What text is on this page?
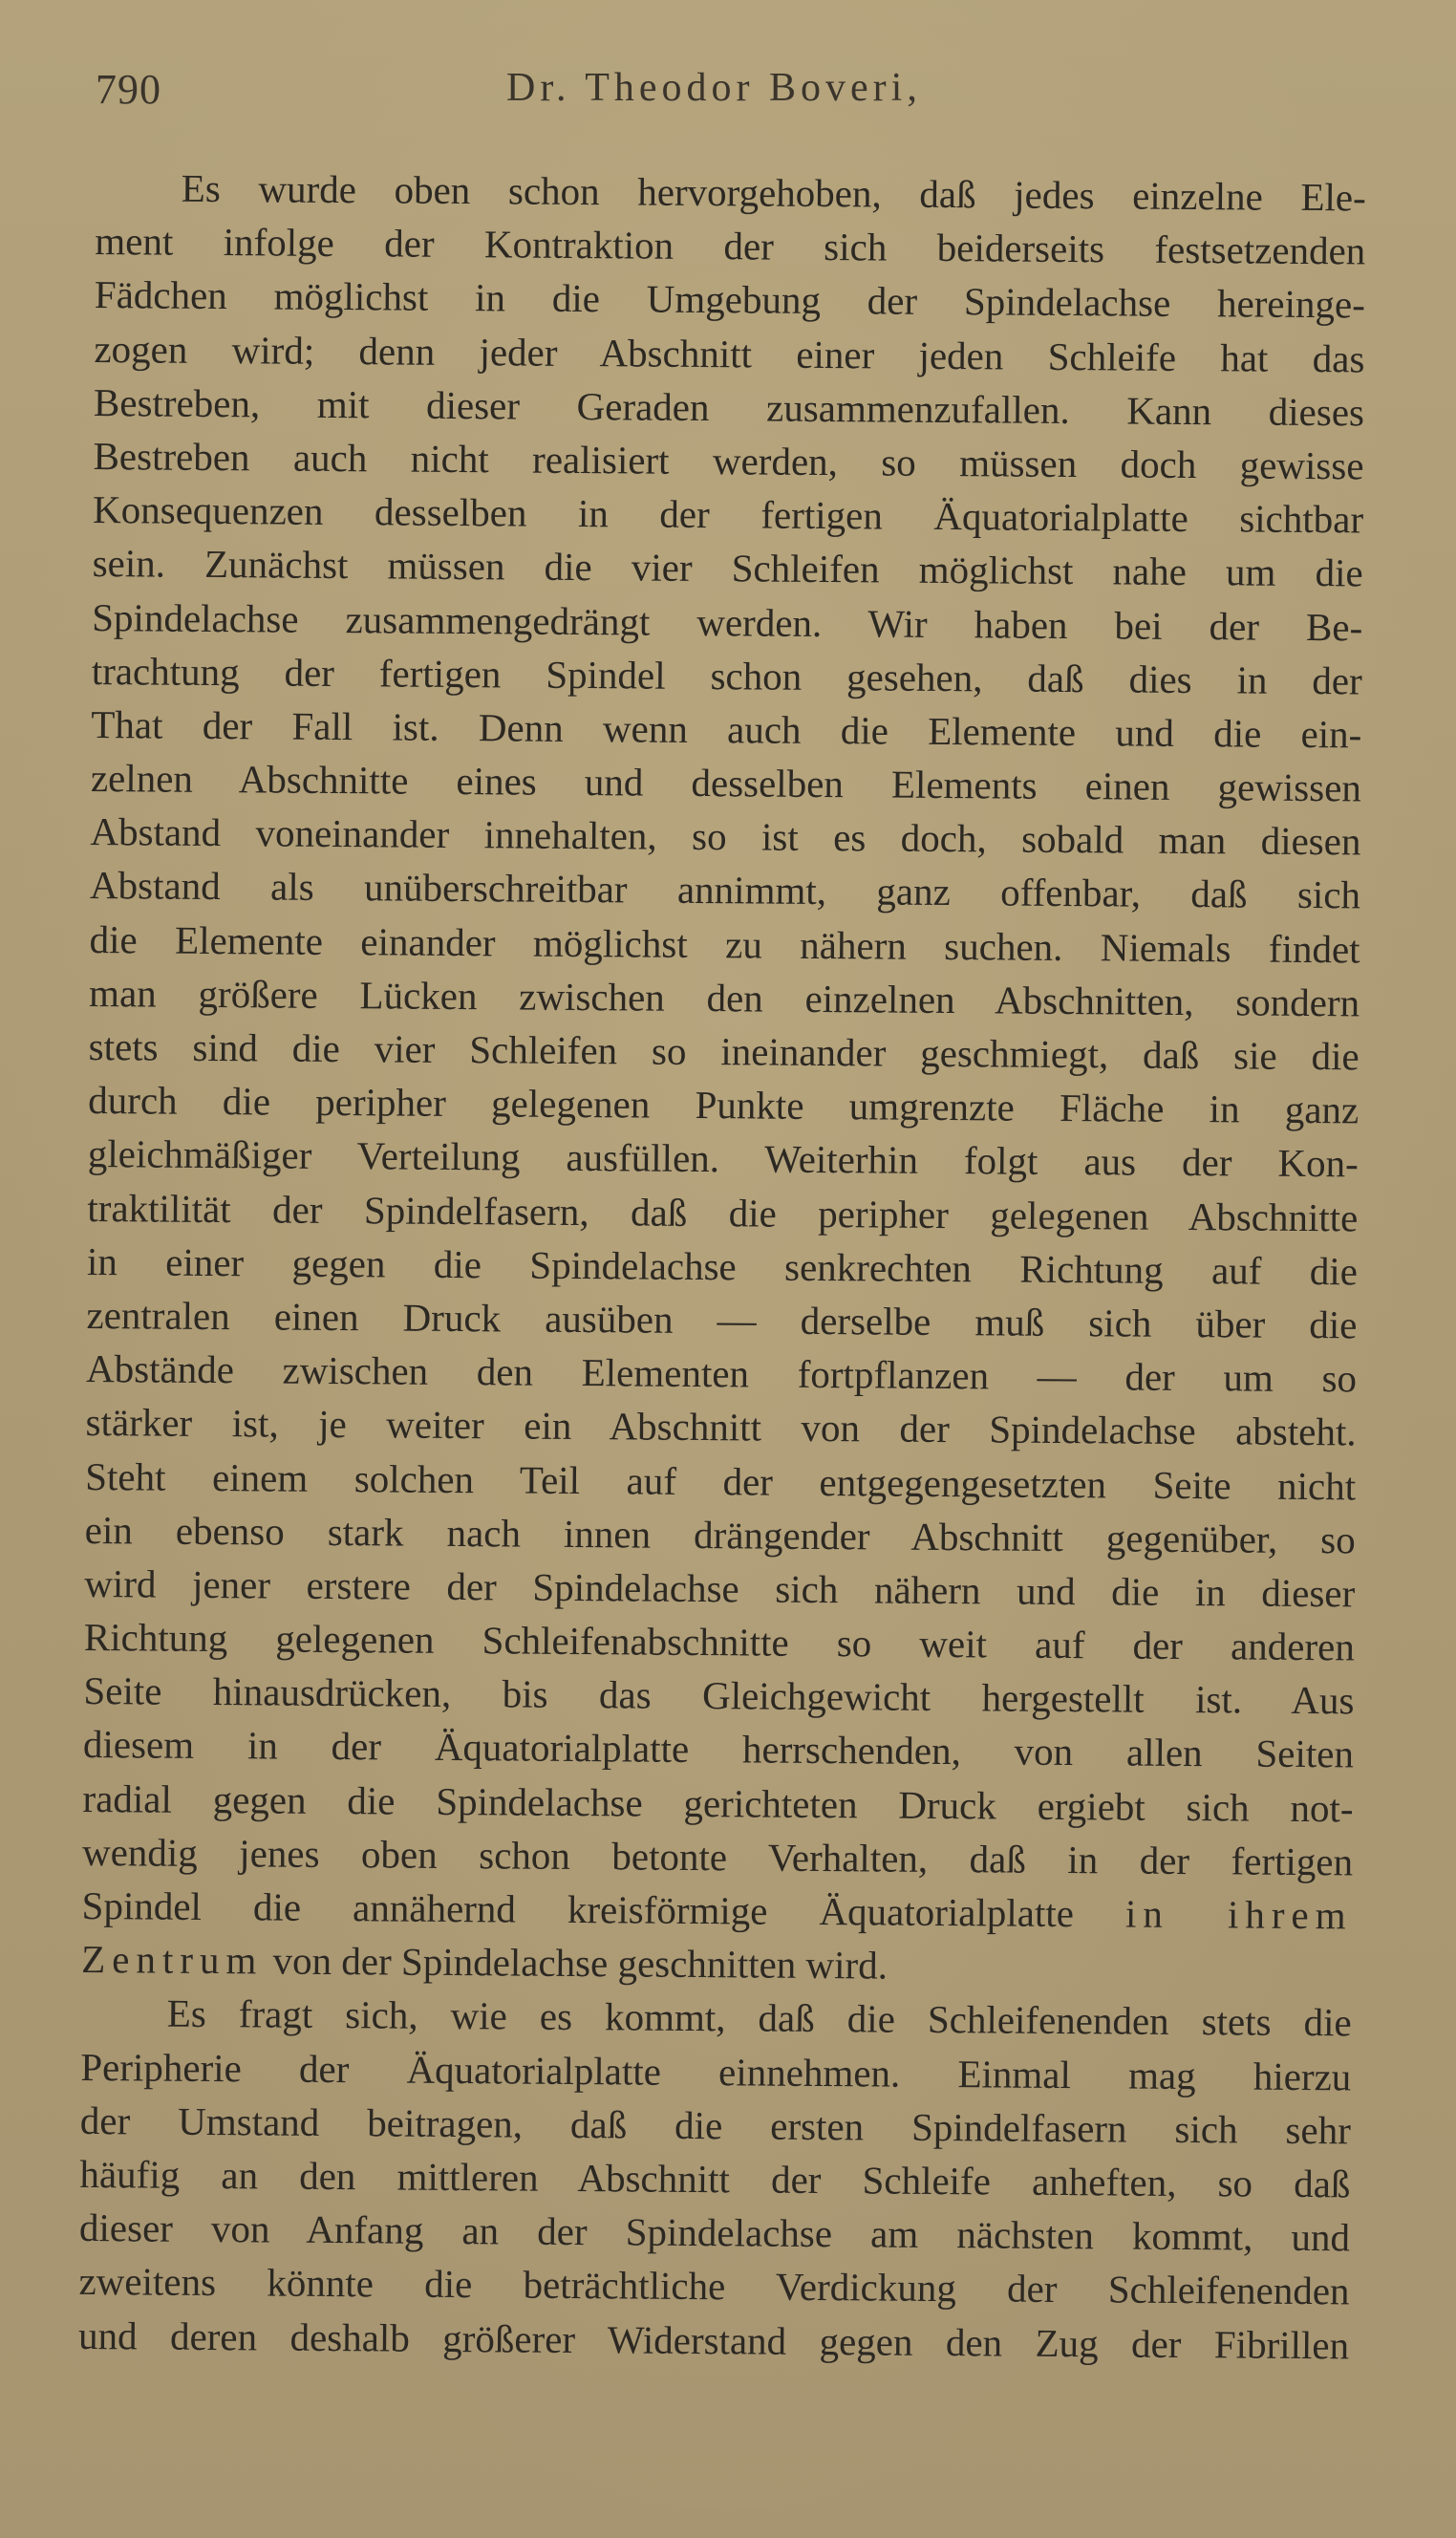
790	Dr. Theodor Boveri,
Es wurde oben schon hervorgehoben, daß jedes einzelne Ele-
ment infolge der Kontraktion der sich beiderseits festsetzenden
Fädchen möglichst in die Umgebung der Spindelachse hereinge-
zogen wird; denn jeder Abschnitt einer jeden Schleife hat das
Bestreben, mit dieser Geraden zusammenzufallen. Kann dieses
Bestreben auch nicht realisiert werden, so müssen doch gewisse
Konsequenzen desselben in der fertigen Äquatorialplatte sichtbar
sein. Zunächst müssen die vier Schleifen möglichst nahe um die
Spindelachse zusammengedrängt werden. Wir haben bei der Be-
trachtung der fertigen Spindel schon gesehen, daß dies in der
That der Fall ist. Denn wenn auch die Elemente und die ein-
zelnen Abschnitte eines und desselben Elements einen gewissen
Abstand voneinander innehalten, so ist es doch, sobald man diesen
Abstand als unüberschreitbar annimmt, ganz offenbar, daß sich
die Elemente einander möglichst zu nähern suchen. Niemals findet
man größere Lücken zwischen den einzelnen Abschnitten, sondern
stets sind die vier Schleifen so ineinander geschmiegt, daß sie die
durch die peripher gelegenen Punkte umgrenzte Fläche in ganz
gleichmäßiger Verteilung ausfüllen. Weiterhin folgt aus der Kon-
traktilität der Spindelfasern, daß die peripher gelegenen Abschnitte
in einer gegen die Spindelachse senkrechten Richtung auf die
zentralen einen Druck ausüben — derselbe muß sich über die
Abstände zwischen den Elementen fortpflanzen — der um so
stärker ist, je weiter ein Abschnitt von der Spindelachse absteht.
Steht einem solchen Teil auf der entgegengesetzten Seite nicht
ein ebenso stark nach innen drängender Abschnitt gegenüber, so
wird jener erstere der Spindelachse sich nähern und die in dieser
Richtung gelegenen Schleifenabschnitte so weit auf der anderen
Seite hinausdrücken, bis das Gleichgewicht hergestellt ist. Aus
diesem in der Äquatorialplatte herrschenden, von allen Seiten
radial gegen die Spindelachse gerichteten Druck ergiebt sich not-
wendig jenes oben schon betonte Verhalten, daß in der fertigen
Spindel die annähernd kreisförmige Äquatorialplatte in ihrem
Zentrum von der Spindelachse geschnitten wird.
Es fragt sich, wie es kommt, daß die Schleifenenden stets die
Peripherie der Äquatorialplatte einnehmen. Einmal mag hierzu
der Umstand beitragen, daß die ersten Spindelfasern sich sehr
häufig an den mittleren Abschnitt der Schleife anheften, so daß
dieser von Anfang an der Spindelachse am nächsten kommt, und
zweitens könnte die beträchtliche Verdickung der Schleifenenden
und deren deshalb größerer Widerstand gegen den Zug der Fibrillen
